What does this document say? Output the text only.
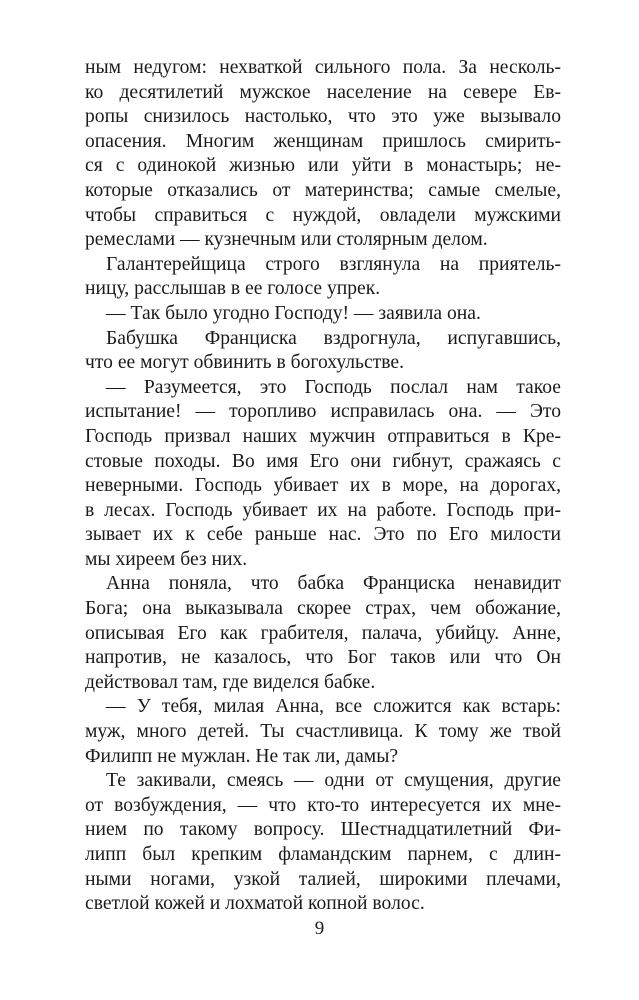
ным недугом: нехваткой сильного пола. За несколь-
ко десятилетий мужское население на севере Ев-
ропы снизилось настолько, что это уже вызывало
опасения. Многим женщинам пришлось смирить-
ся с одинокой жизнью или уйти в монастырь; не-
которые отказались от материнства; самые смелые,
чтобы справиться с нуждой, овладели мужскими
ремеслами — кузнечным или столярным делом.
Галантерейщица строго взглянула на приятель-
ницу, расслышав в ее голосе упрек.
— Так было угодно Господу! — заявила она.
Бабушка Франциска вздрогнула, испугавшись,
что ее могут обвинить в богохульстве.
— Разумеется, это Господь послал нам такое
испытание! — торопливо исправилась она. — Это
Господь призвал наших мужчин отправиться в Кре-
стовые походы. Во имя Его они гибнут, сражаясь с
неверными. Господь убивает их в море, на дорогах,
в лесах. Господь убивает их на работе. Господь при-
зывает их к себе раньше нас. Это по Его милости
мы хиреем без них.
Анна поняла, что бабка Франциска ненавидит
Бога; она выказывала скорее страх, чем обожание,
описывая Его как грабителя, палача, убийцу. Анне,
напротив, не казалось, что Бог таков или что Он
действовал там, где виделся бабке.
— У тебя, милая Анна, все сложится как встарь:
муж, много детей. Ты счастливица. К тому же твой
Филипп не мужлан. Не так ли, дамы?
Те закивали, смеясь — одни от смущения, другие
от возбуждения, — что кто-то интересуется их мне-
нием по такому вопросу. Шестнадцатилетний Фи-
липп был крепким фламандским парнем, с длин-
ными ногами, узкой талией, широкими плечами,
светлой кожей и лохматой копной волос.
9
